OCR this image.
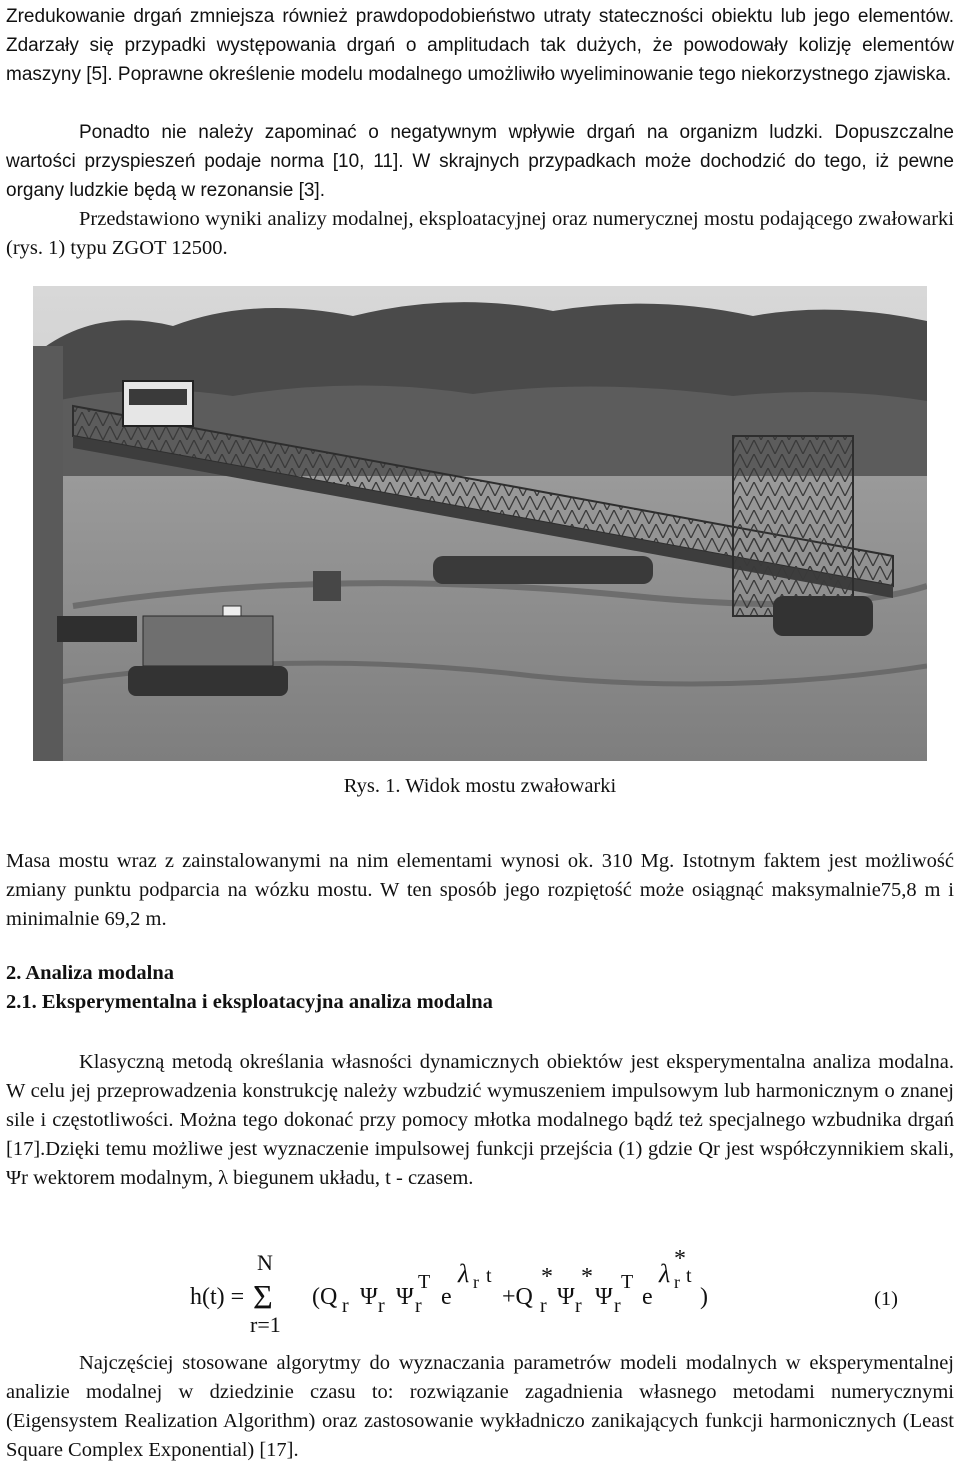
Zredukowanie drgań zmniejsza również prawdopodobieństwo utraty stateczności obiektu lub jego elementów. Zdarzały się przypadki występowania drgań o amplitudach tak dużych, że powodowały kolizję elementów maszyny [5]. Poprawne określenie modelu modalnego umożliwiło wyeliminowanie tego niekorzystnego zjawiska.

Ponadto nie należy zapominać o negatywnym wpływie drgań na organizm ludzki. Dopuszczalne wartości przyspieszeń podaje norma [10, 11]. W skrajnych przypadkach może dochodzić do tego, iż pewne organy ludzkie będą w rezonansie [3].

Przedstawiono wyniki analizy modalnej, eksploatacyjnej oraz numerycznej mostu podającego zwałowarki (rys. 1) typu ZGOT 12500.

Rys. 1. Widok mostu zwałowarki

Masa mostu wraz z zainstalowanymi na nim elementami wynosi ok. 310 Mg. Istotnym faktem jest możliwość zmiany punktu podparcia na wózku mostu. W ten sposób jego rozpiętość może osiągnąć maksymalnie75,8 m i minimalnie 69,2 m.

2. Analiza modalna
2.1. Eksperymentalna i eksploatacyjna analiza modalna

Klasyczną metodą określania własności dynamicznych obiektów jest eksperymentalna analiza modalna. W celu jej przeprowadzenia konstrukcję należy wzbudzić wymuszeniem impulsowym lub harmonicznym o znanej sile i częstotliwości. Można tego dokonać przy pomocy młotka modalnego bądź też specjalnego wzbudnika drgań [17].Dzięki temu możliwe jest wyznaczenie impulsowej funkcji przejścia (1) gdzie Qr jest współczynnikiem skali, Ψr wektorem modalnym, λ biegunem układu, t - czasem.

h(t) =
N
Σ
r=1
(Q r Ψ r Ψ r
T
e
λ r t
+Q r
*
Ψ r
*
Ψ r
T
e
λ r
*
t
)	(1)

Najczęściej stosowane algorytmy do wyznaczania parametrów modeli modalnych w eksperymentalnej analizie modalnej w dziedzinie czasu to: rozwiązanie zagadnienia własnego metodami numerycznymi (Eigensystem Realization Algorithm) oraz zastosowanie wykładniczo zanikających funkcji harmonicznych (Least Square Complex Exponential) [17].
